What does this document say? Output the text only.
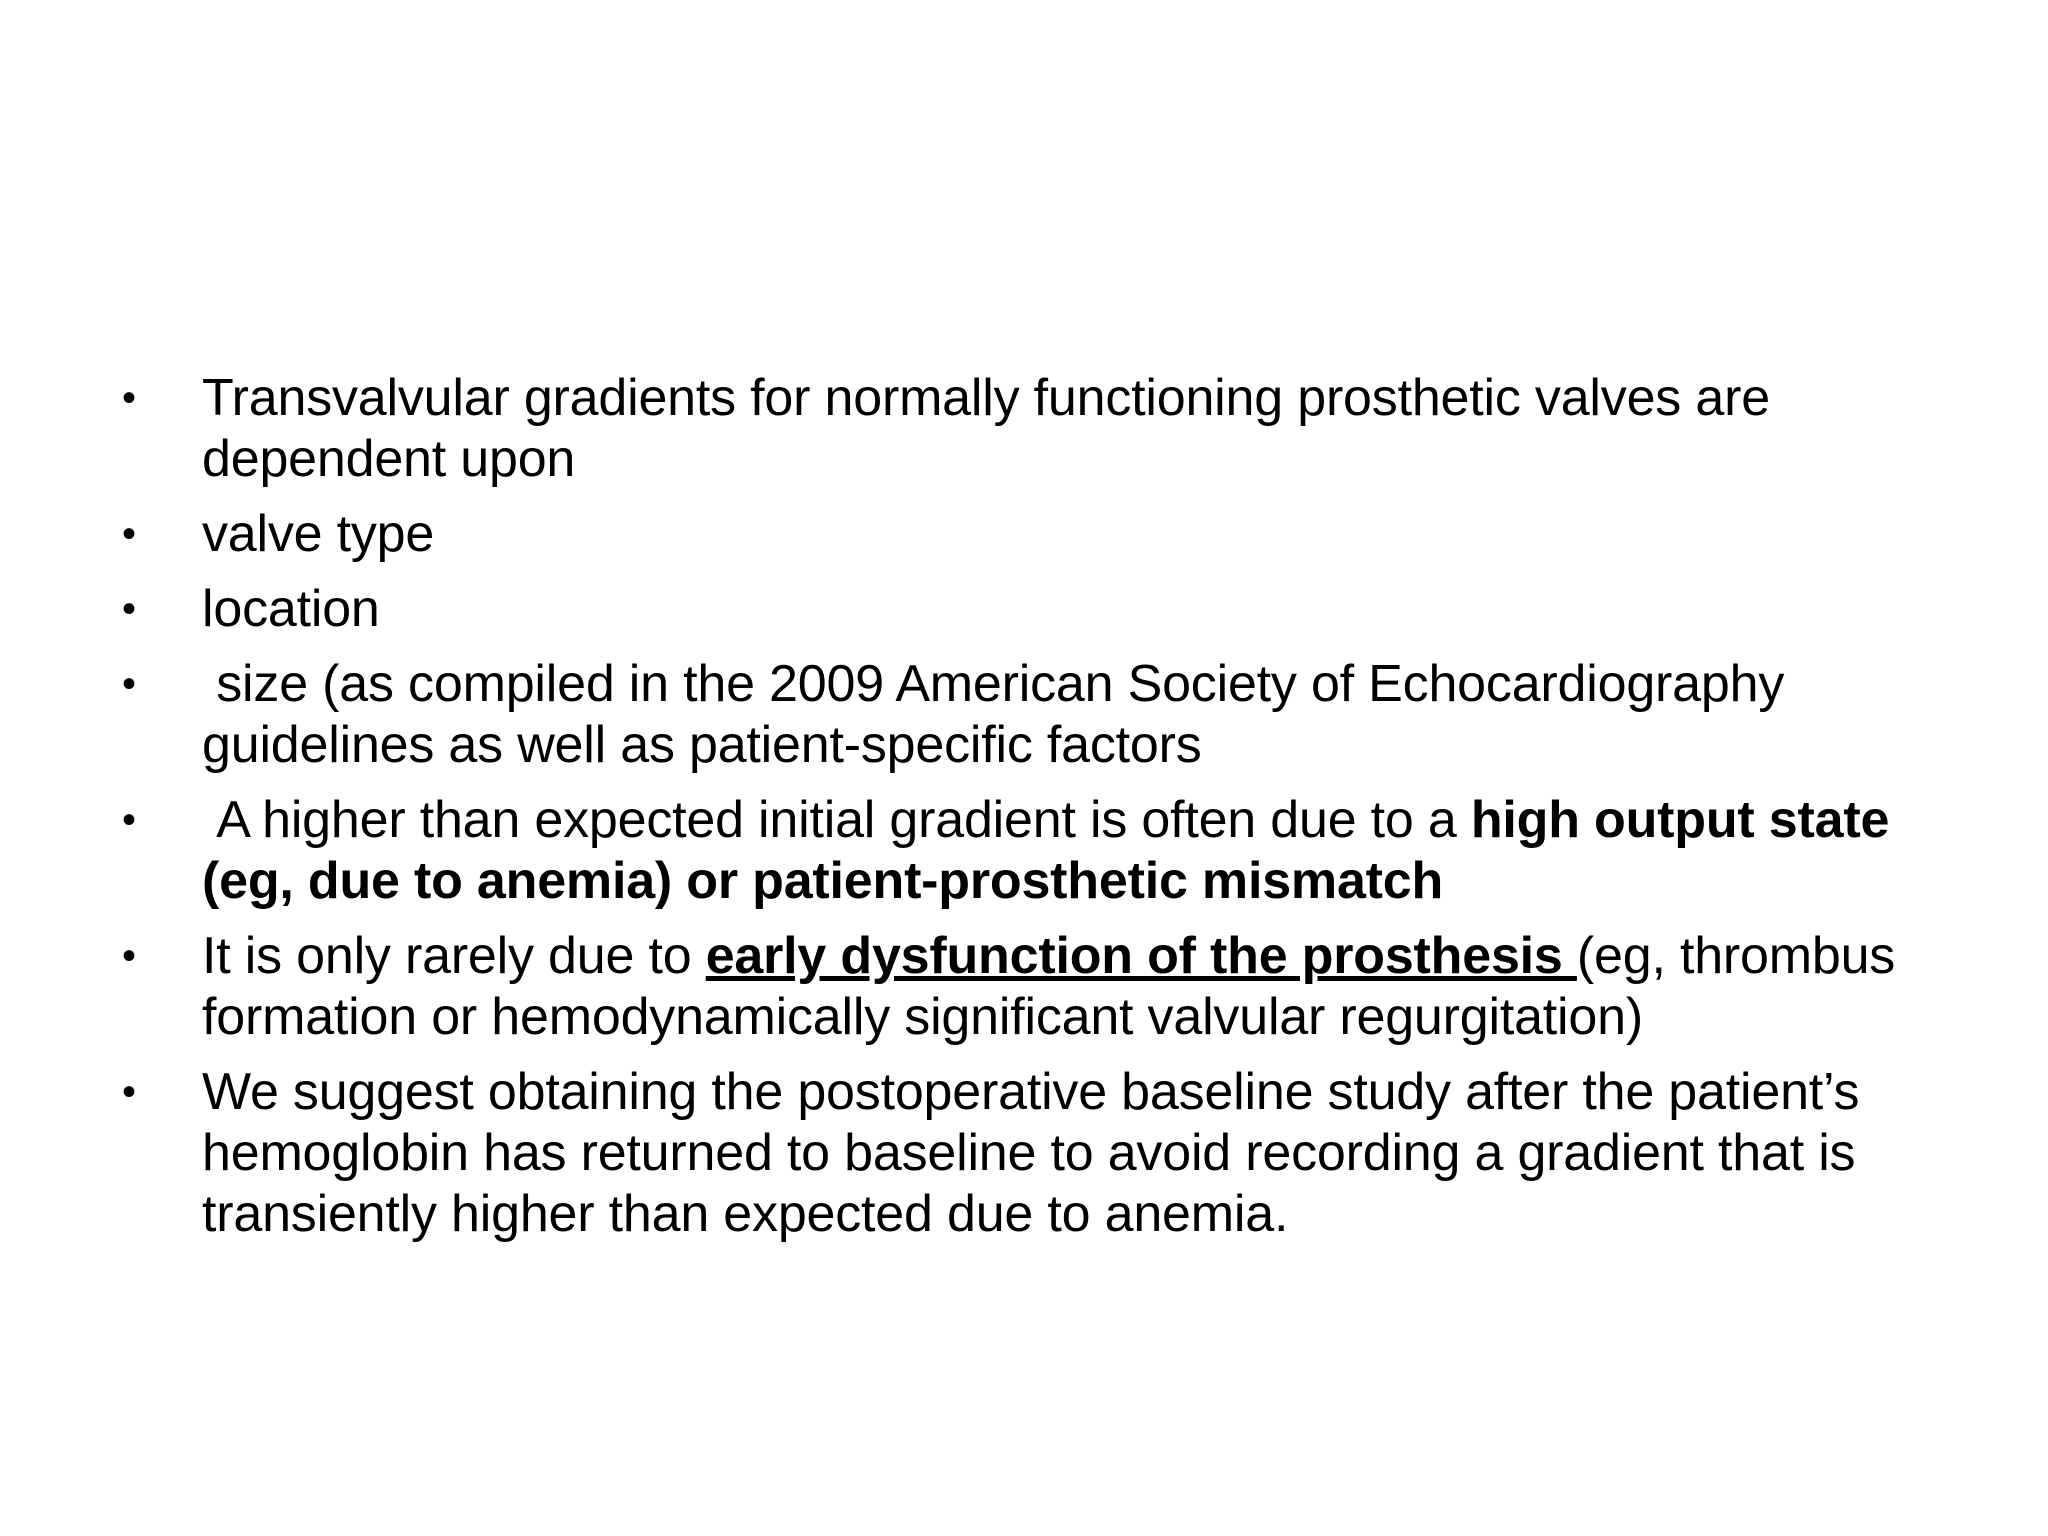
•	Transvalvular gradients for normally functioning prosthetic valves are dependent upon
•	valve type
•	location
•	size (as compiled in the 2009 American Society of Echocardiography guidelines as well as patient-specific factors
•	A higher than expected initial gradient is often due to a high output state (eg, due to anemia) or patient-prosthetic mismatch
•	It is only rarely due to early dysfunction of the prosthesis (eg, thrombus formation or hemodynamically significant valvular regurgitation)
•	We suggest obtaining the postoperative baseline study after the patient’s hemoglobin has returned to baseline to avoid recording a gradient that is transiently higher than expected due to anemia.
